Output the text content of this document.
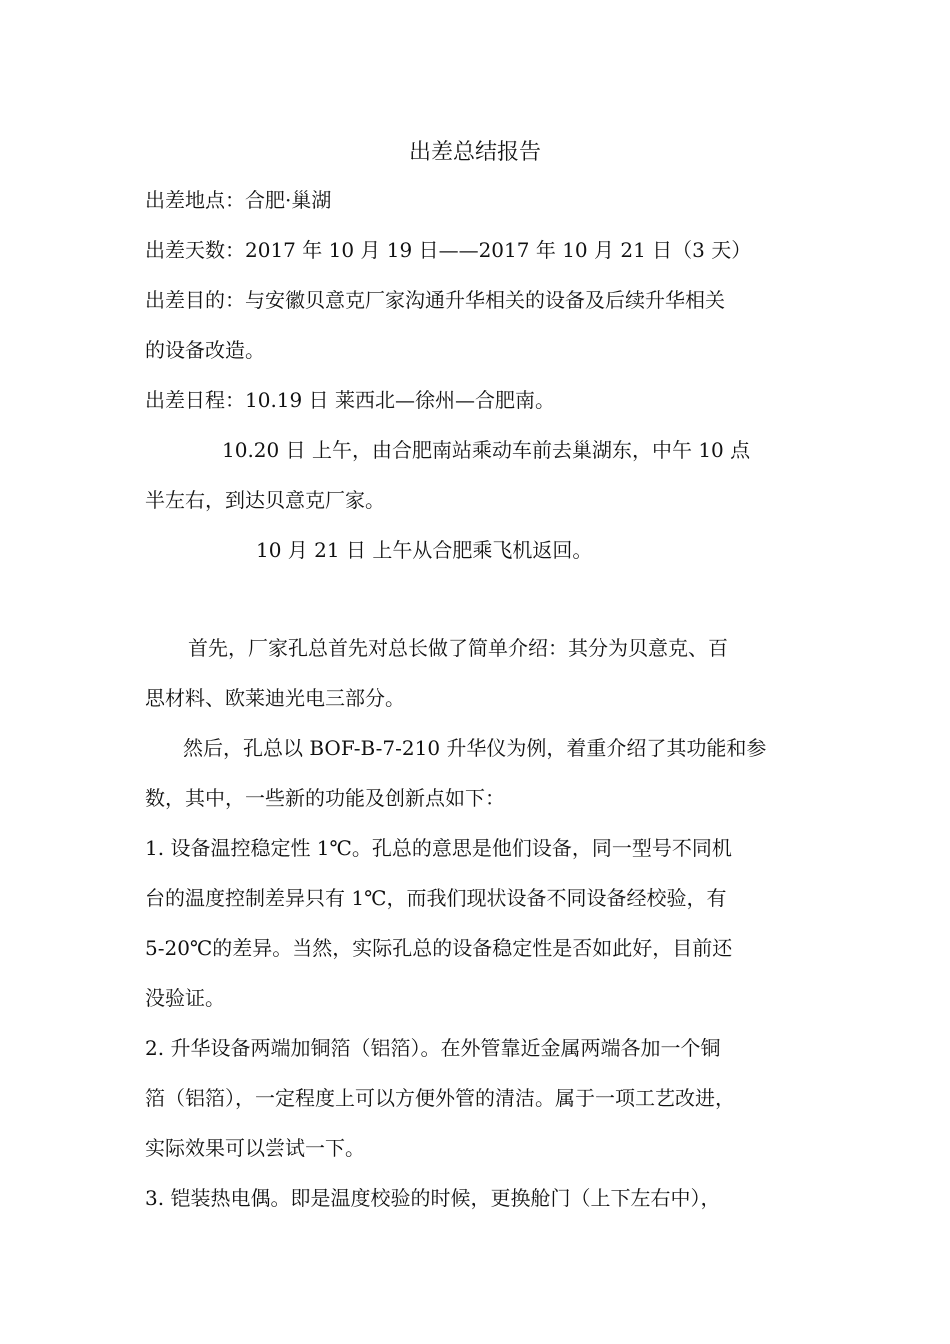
出差总结报告
出差地点：合肥·巢湖
出差天数：2017 年 10 月 19 日——2017 年 10 月 21 日（3 天）
出差目的：与安徽贝意克厂家沟通升华相关的设备及后续升华相关
的设备改造。
出差日程：10.19 日 莱西北—徐州—合肥南。
10.20 日 上午，由合肥南站乘动车前去巢湖东，中午 10 点
半左右，到达贝意克厂家。
10 月 21 日 上午从合肥乘飞机返回。
首先，厂家孔总首先对总长做了简单介绍：其分为贝意克、百
思材料、欧莱迪光电三部分。
然后，孔总以 BOF-B-7-210 升华仪为例，着重介绍了其功能和参
数，其中，一些新的功能及创新点如下：
1. 设备温控稳定性 1℃。孔总的意思是他们设备，同一型号不同机
台的温度控制差异只有 1℃，而我们现状设备不同设备经校验，有
5-20℃的差异。当然，实际孔总的设备稳定性是否如此好，目前还
没验证。
2. 升华设备两端加铜箔（铝箔）。在外管靠近金属两端各加一个铜
箔（铝箔），一定程度上可以方便外管的清洁。属于一项工艺改进，
实际效果可以尝试一下。
3. 铠装热电偶。即是温度校验的时候，更换舱门（上下左右中），
